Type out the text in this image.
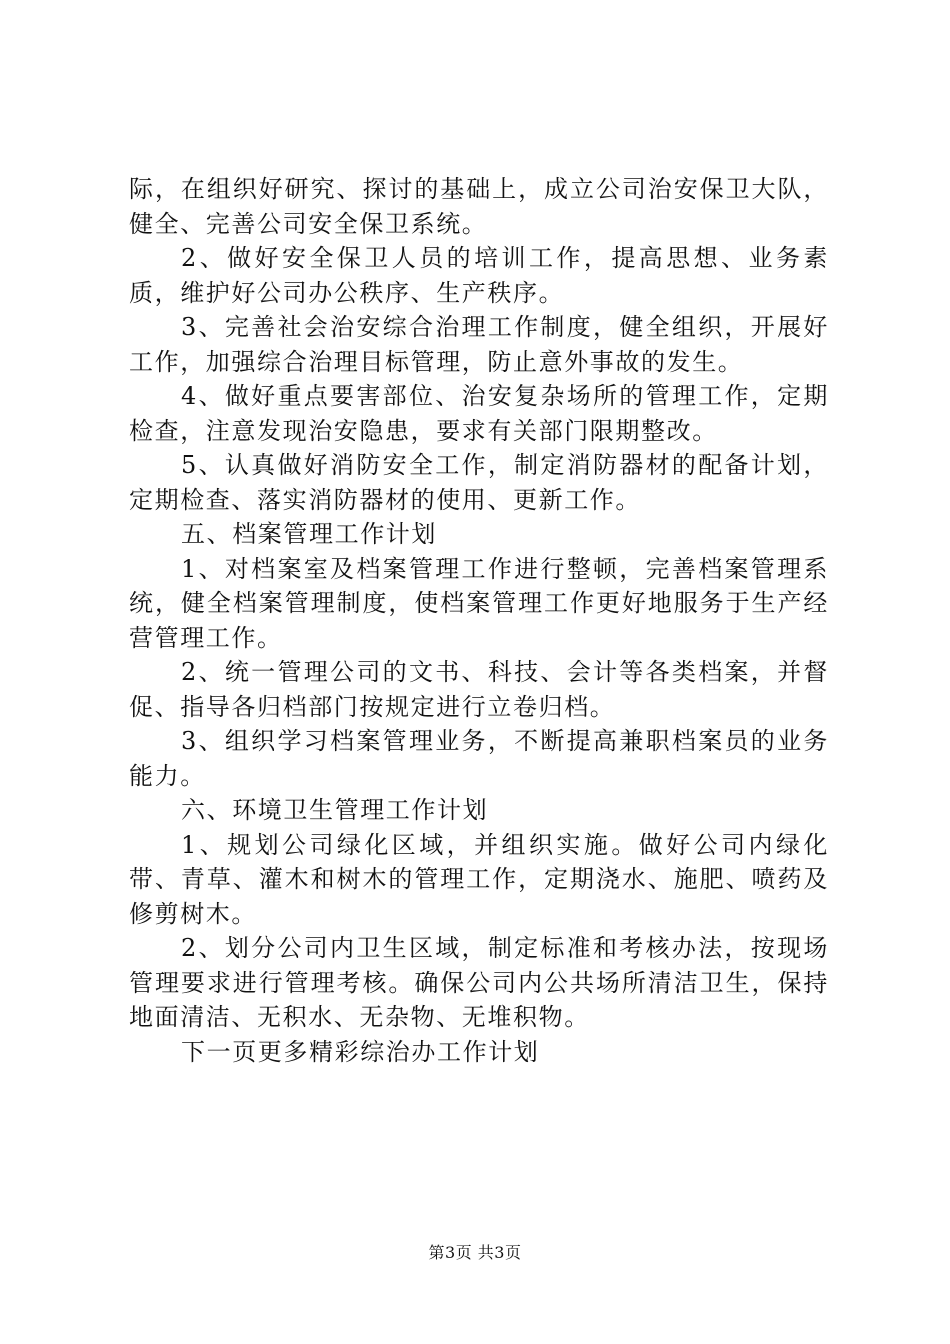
际，在组织好研究、探讨的基础上，成立公司治安保卫大队，健全、完善公司安全保卫系统。

2、做好安全保卫人员的培训工作，提高思想、业务素质，维护好公司办公秩序、生产秩序。

3、完善社会治安综合治理工作制度，健全组织，开展好工作，加强综合治理目标管理，防止意外事故的发生。

4、做好重点要害部位、治安复杂场所的管理工作，定期检查，注意发现治安隐患，要求有关部门限期整改。

5、认真做好消防安全工作，制定消防器材的配备计划，定期检查、落实消防器材的使用、更新工作。

五、档案管理工作计划

1、对档案室及档案管理工作进行整顿，完善档案管理系统，健全档案管理制度，使档案管理工作更好地服务于生产经营管理工作。

2、统一管理公司的文书、科技、会计等各类档案，并督促、指导各归档部门按规定进行立卷归档。

3、组织学习档案管理业务，不断提高兼职档案员的业务能力。

六、环境卫生管理工作计划

1、规划公司绿化区域，并组织实施。做好公司内绿化带、青草、灌木和树木的管理工作，定期浇水、施肥、喷药及修剪树木。

2、划分公司内卫生区域，制定标准和考核办法，按现场管理要求进行管理考核。确保公司内公共场所清洁卫生，保持地面清洁、无积水、无杂物、无堆积物。

下一页更多精彩综治办工作计划

第3页 共3页
